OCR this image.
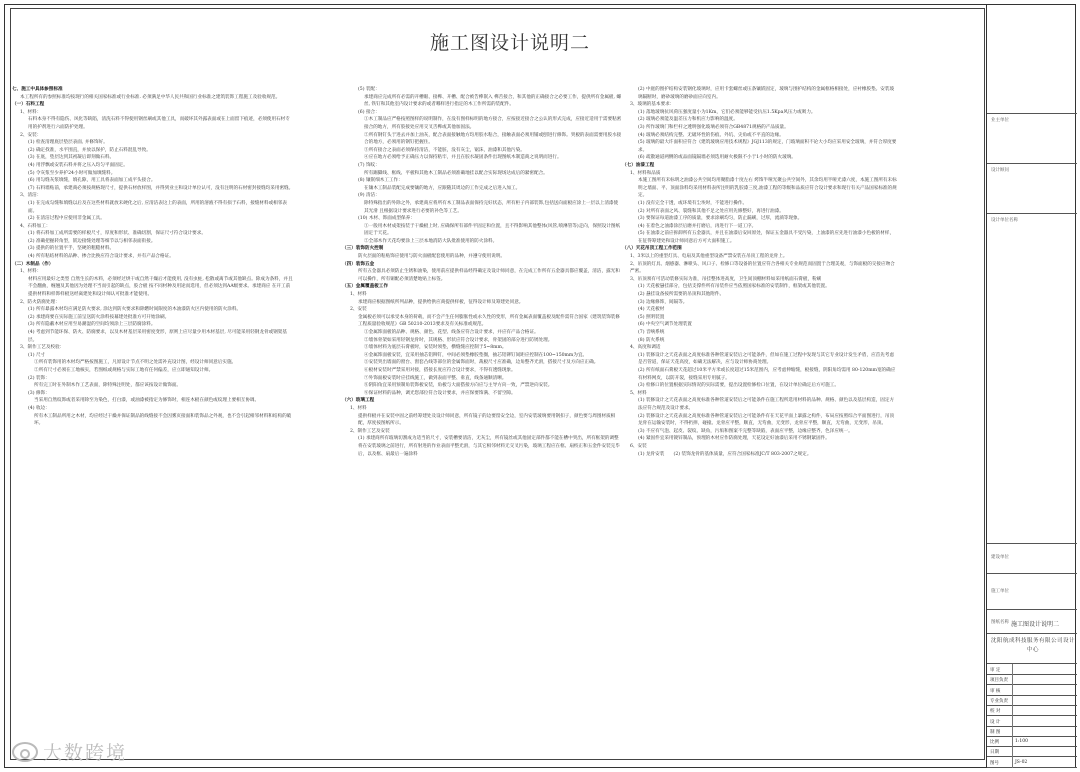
施工图设计说明二

七、施工中具体参照标准

本工程所有的参照标准均按现行的相关国家标准或行业标准. 必须满足中华人民共和国行业标准之建筑装饰工程施工及验收规范。

（一）石料工程

1、材料：

石料本身不得有隐伤、风化等缺陷，清洗石料不得使用钢丝刷或其他工具，而破坏其外露表面或在上面留下痕迹，必须使用石材专用的护剂进行六面防护处理。

2、安装：

(1) 检查清理底层垫层表面, 并修饰好。

(2) 确定找准，水平围直，并放以保护，防止石料混乱导致。

(3) 在底，垫层达到其初凝后即刻做石料。

(4) 用浮飘或安装石料并将之压入均匀平面固定。

(5) 令灰浆至少养护24小时可做加填缝料。

(6) 用勾缝灰浆填缝，填孔隙，用工具将表面加工成平头接合。

(7) 石料墙贴前，承建商必须按规格现尺寸，提供石材放样图，并得到业主和设计单位认可，没有注明的石材密封接缝均采用密缝。

3、清洁：

(1) 在完成勾缝和填缝以后及在这些材料就放未硬化之后, 应清洁表这上的表面，所用的溶液不得有损于石料，接缝材料或相邻表面。

(2) 在清洁过程中应使用非金属工具。

4、石料加工：

(1) 将石料加工成所需要的样板尺寸，厚度和形状、准确切割，保证尺寸符合设计要求。

(2) 准确把握转角型，嵌边接缝处理等细节以与相邻表面衔接。

(3) 提供的的位置平手，坚硬的粗糙材料。

(4) 所有粘结材料的品种、掺合比换应符合设计要求，并有产品合格证。

（二）木制品（作）

1、材料：

材料应用最好之类型 自然生长的木料，必须经过烘干或自然干燥后才能使用, 没有虫蛀, 松散或离节或其他缺点。除成为条料，并且不会翻曲，缠翘及其他因为处理不当而引起的缺点，胶合板 按不同材种及用途而选用，但必须达到AA级要求。承建商应 在开工前提供材料和样饰样板送经离建处和设计师认可批准才能使用。

2、防火防腐处理：

(1) 所有暴露木材均应满足防火要求, 涂达到防火要求和除燃时间限度的木油漆防火区内使用的防火涂料。

(2) 承建商要在实际施工前呈送防火涂料按幕建处批准方可开始涂刷。

(3) 所有隐蔽木材应用至易潮湿的空间均须涂上三层防腐涂料。

(4) 考虑到节能环保、防火、防腐要求，以及木材基层采用密度变形，原则上应尽量少用木材基层, 尽可能采用轻钢龙骨或钢架基层。

3、制作工艺及校验：

(1) 尺寸

①所有装饰用的木材均严格按图施工，凡原设计节点不明之处需补充设计图，经设计师同意后实施。

②所有尺寸必须在工地核实，若图纸或规格与实际工地有任何偏差，应立即通知设计师。

(2) 装饰：

所有完工时在外制木作工艺表面，除特殊注明处，都应该按设计做饰面。

(3) 修饰：

当采用自然纹饰或者采用除至为染色，打白漆，或油漆被指定为修饰时，相连木板在颜色或纹理上要相互协调。

(4) 收边：

所有木工制品所用之木材，均应经过干燥并保证制品的线缝接不会因雾页接面和装饰品之外观，也不会引起相邻材料和结构的破坏。

(5) 装配：

承建商应完成所有必需的开槽眼、接榫、开槽、配合被告榫嵌入 榫舌接合，和其他的正确接合之必要工作，提供所有金属板, 螺丝, 铁钉和其他室内设计要求的或者哪样进行指定的木工作所需的装配件。

(6) 接合：

①木工制品应严格按照图样的说明制作，在没有图样标明的地方接合，应按接近接合之公认的形式完成，应接近适用于需要粘密接合的地方，所有胶接处应用交叉舌榫或其他加固法。

②所有钢钉头于进去并加上油灰，配合表面接触地方均用胶水粘合，接触表面必须用铺或刨进行修饰。突板的表面需要用胶水接合的地方，必须用的钢钉把握住。

③所有接合之表面必须保持清洁，不能脏，没有灰尘，锯沫，油漆和其他污染。

④应在地方必须给予正确压力以保持粘牢，并且在胶水凝固条件出现图纸木制造商之说明而进行。

(7) 饰纹：

所有踢脚线、框线、平板和其他木工制品必须准确地挂以配合实际现场达成后的紧密配合。

(8) 镶嵌细木工工作：

在镶木工制品装配完成要镶的地方，应跟随其周边的工作完成之后进入加工。

(9) 清洁：

除特殊指出的外除之外，承建商应将所有木工制品表面保持完好状态，所有柜子内部装饰,包括送向面板应涂上一层以上清漆使其光滑 且根据设计要求进行必要的补色等工艺。

(10) 木材、饰面成型保养：

①一般用木材成架按装于干燥板上时, 应确保所有部件平固定和位置，且不得影响其他整体(风管,喷淋管等)走向，保照设计图纸固定于天花。

②全部木作天花均要涂上三层本地消防大队批准使用的防火涂料。

（三）装饰防火控制

防火层面的粘贴饰应使用与防火面板配套使用的品种，并遵守使用说明。

（四）装饰五金

所有五金器具必须防止生锈和油染，使用前应提供样品经得确定及设计师同意，在完成工作所有五金器具都应覆盖，清洁，露光和可以操作，所有铜配必须清楚地贴上标签。

（五）金属覆盖板工作

1、材料

承建商应根据图纸所列品种，提供给供应商提供样板，征得设计师及筹建处同意。

2、安装

金属板必须可以承受本身的荷载，而不会产生任何膨胀性或永久性的变形，所有金属表面覆盖板及配件需符合国家《建筑装饰装修工程质量验收规范》GB 50210-2013要求及有关标准或规范。

①金属饰面板的品种、规格、颜色、花型、线条应符合设计要求，并应有产品合格证。

②墙体骨架如采用轻钢龙骨时，其规格、形状应符合设计要求，骨架固的部分进行防锈处理。

③墙体材料为底层石膏板时，安装时须垫，横缝缝应控制于5~8mm。

④金属饰面板安装，宜采用抽芯铝铆钉，中间必须垫橡胶垫圈，抽芯铝铆钉间距应控制在100~150mm为宜。

⑤安装突出墙面的窗台、窗套凸线等部位的金属饰面时，裁板尺寸应准确，边角整齐光滑，搭接尺寸及方向应正确。

⑥板材安装时严禁采用对接，搭接长度应符合设计要求，不得有透缝现象。

⑦外饰面板安装时应挂线施工，做到表面平整、垂直，线条通顺清晰。

⑧阴阳角宜采用预制角装饰板安装，角板与大面搭接方向应与主导方向一致，严禁逆向安装。

⑨保证材料的品种，调光您部位符合设计要求，并应保要饰满、不留空隙。

（六）玻璃工程

1、材料

提供样板并在安装中固之前经筹建处及设计师同意，所有镜子的边要留安全边，室内安装玻璃要用钢扣子，颜色要与周围材质相配，厚度按图纸所示。

2、制作工艺及安装

(1) 承建商所有玻璃切割成为适当的尺寸，安装槽要清洁，无灰尘，所有镜丝或其他固定部件都不能在槽中突出，所有框架的调整将在安装玻璃之前进行，所有射进的作业表面平整光滑，与其它相邻材料无交叉污染，玻璃工程应在框、扇校正和五金件安装完毕后，以及框、扇最后一遍涂料

(2) 中庭的围护结构安装钢化玻璃时，应用卡套螺丝或压条镶嵌固定，玻璃与围护结构的金属框格相接处，应衬橡胶垫。安装玻璃隔断时，磨砂玻璃的磨砂面应向室内。

3、玻璃的基本要求：

(1) 落地玻璃抗风荷压强度量小为1Km，它们必须能够能受抗压1.5Kpa风压力或吸力。

(2) 玻璃必须能及温差压力和机应力影响的温度。

(3) 所作玻璃门和栏杆之透明强化玻璃必须符合GB4871规格的产品质量。

(4) 玻璃必须结构完整、无破坏性的伤痕、外坑、尖角或不平直的边缘。

(5) 玻璃的最大许面积应符合《建筑玻璃应用技术规程》JGJ113的规定，门玻璃面积不论大小均应采用安全玻璃，并符合厚度要求。

(6) 疏散通道两侧的或品面镜隔墙必须选用耐火极限不小于1小时的防火玻璃。

（七）油漆工程

1、材料和品质

本施工图所有未标明之油漆公共空间均用聚脂漆十度左右 烤饰半哑光聚公共空间外，其余均用半哑光漆六度，本施工图所有未标明之墙面、平、顶面涂料均采用材料表所注明的乳胶漆三度,油漆工程的等级和品质应符合设计要求和现行有关产品国家标准的规定。

(1) 没有完全干透，或环境有尘埃时，不能进行操作。

(2) 对所有表面之风、裂缝和其他不足之处应用先修整好，再进行油漆。

(3) 要保证每道油漆工序的质量，要求涂刷均匀，防止漏刷，过厚，流淌等现象。

(4) 在着色之油漆涂层后磨并打磨后，再进行下一道工序。

(5) 在油漆之前应拆卸所有五金器具，并且在油漆后安回原处，保证五金器具不受污染，上油漆的应先进行油漆小色板的材样，在征得筹建处和设计师同意后方可大面积施工。

（八）天花吊顶工程工作范围

1、3米以上的重型灯具、电扇及其他重型设备严禁安装在吊顶工程的龙骨上。

2、吊顶的灯具、烟感器、淋喷头、风口子、检修口等设备的位置应符合各相关专业规范而固置于合理美观，与饰面板的交接应吻合严密。

3、吊顶须有可活动装修实际为准，吊挂整体进高度，卫生间顶棚材料如采用纸面石膏板，粉刷

(1) 天花板悬挂部分，包括支撑件所有吊装件应当依照国家标准的安装制作，框架或其他装置。

(2) 悬挂设备按所需要的吊顶和其他附件。

(3) 边缘修饰，间隔等。

(4) 天花板材

(5) 照明装置

(6) 中央空气调节处理装置

(7) 音响系统

(8) 防火系统

4、高度和调适

(1) 装修设计之天花表面之高度标准各种管道安装后之可能条件，但如在施工过程中发现与其它专业设计发生矛盾，应首先考虑是否管道，保证天花高度，如确无法解决，应与设计师协商处理。

(2) 所有纸面石膏板天花超过10米平方米或长度超过15米范围内，应考虑伸缩缝，板接缝，阴阳角均需用 80-120mm宽的确应有材料网皮，以防开裂，接缝采用专用腻子。

(3) 检修口的位置根据实际情况的实际需要，提出设置检修检口位置，在设计单位确定后方可施工。

5、材料

(1) 装修设计之天花表面之高度标准各种管道安装后之可能条件在施工程所选用材料的品种、规格、颜色以及基层构造，固定方法应符合规范及设计要求。

(2) 装修设计之天花表面之高度标准各种管道安装后之可能条件有在天花平面上暴露之构件，布局应按照综合平面图进行，吊顶龙骨在运输安装时，不得扔摔，碰撞。龙骨应平整，顺直，无弯曲，无变形，龙骨应平整，顺直，无弯曲，无变形，吊顶。

(3) 不应有气泡、起皮、裂纹、缺角，污垢和图案不完整等缺陷，表面应平整，边缘应整齐，色泽应统一。

(4) 紧固件宜采用镀锌制品，预埋的木材应作防腐处理，天花设定好油漆后采用不锈钢紧固件。

6、安装

(1) 龙骨安装　　(2) 装饰龙骨的基体质量，应符合国家标准JC/T 803-2007之规定。

业主单位
设计顾问
设计单位名称
建设单位
施工单位
图纸名称 施工图设计说明二
沈阳航成科技服务有限公司设计中心
审 定
项目负责
审 核
专业负责
校 对
设 计
制 图
比例	1:100
日期
图号	JS-02
大数跨境
